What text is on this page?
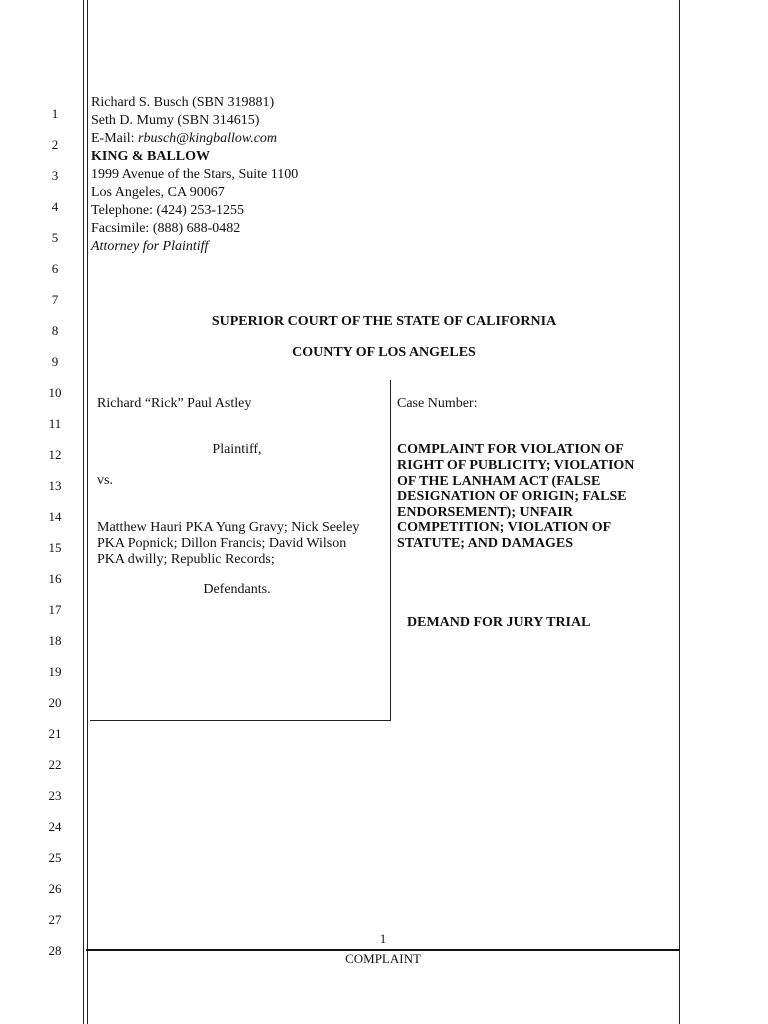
1
2
3
4
5
6
7
8
9
10
11
12
13
14
15
16
17
18
19
20
21
22
23
24
25
26
27
28
Richard S. Busch (SBN 319881)
Seth D. Mumy (SBN 314615)
E-Mail: rbusch@kingballow.com
KING & BALLOW
1999 Avenue of the Stars, Suite 1100
Los Angeles, CA 90067
Telephone: (424) 253-1255
Facsimile: (888) 688-0482
Attorney for Plaintiff
SUPERIOR COURT OF THE STATE OF CALIFORNIA
COUNTY OF LOS ANGELES
Richard “Rick” Paul Astley
Plaintiff,
vs.
Matthew Hauri PKA Yung Gravy; Nick Seeley
PKA Popnick; Dillon Francis; David Wilson
PKA dwilly; Republic Records;
Defendants.
Case Number:
COMPLAINT FOR VIOLATION OF
RIGHT OF PUBLICITY; VIOLATION
OF THE LANHAM ACT (FALSE
DESIGNATION OF ORIGIN; FALSE
ENDORSEMENT); UNFAIR
COMPETITION; VIOLATION OF
STATUTE; AND DAMAGES
DEMAND FOR JURY TRIAL
1
COMPLAINT
